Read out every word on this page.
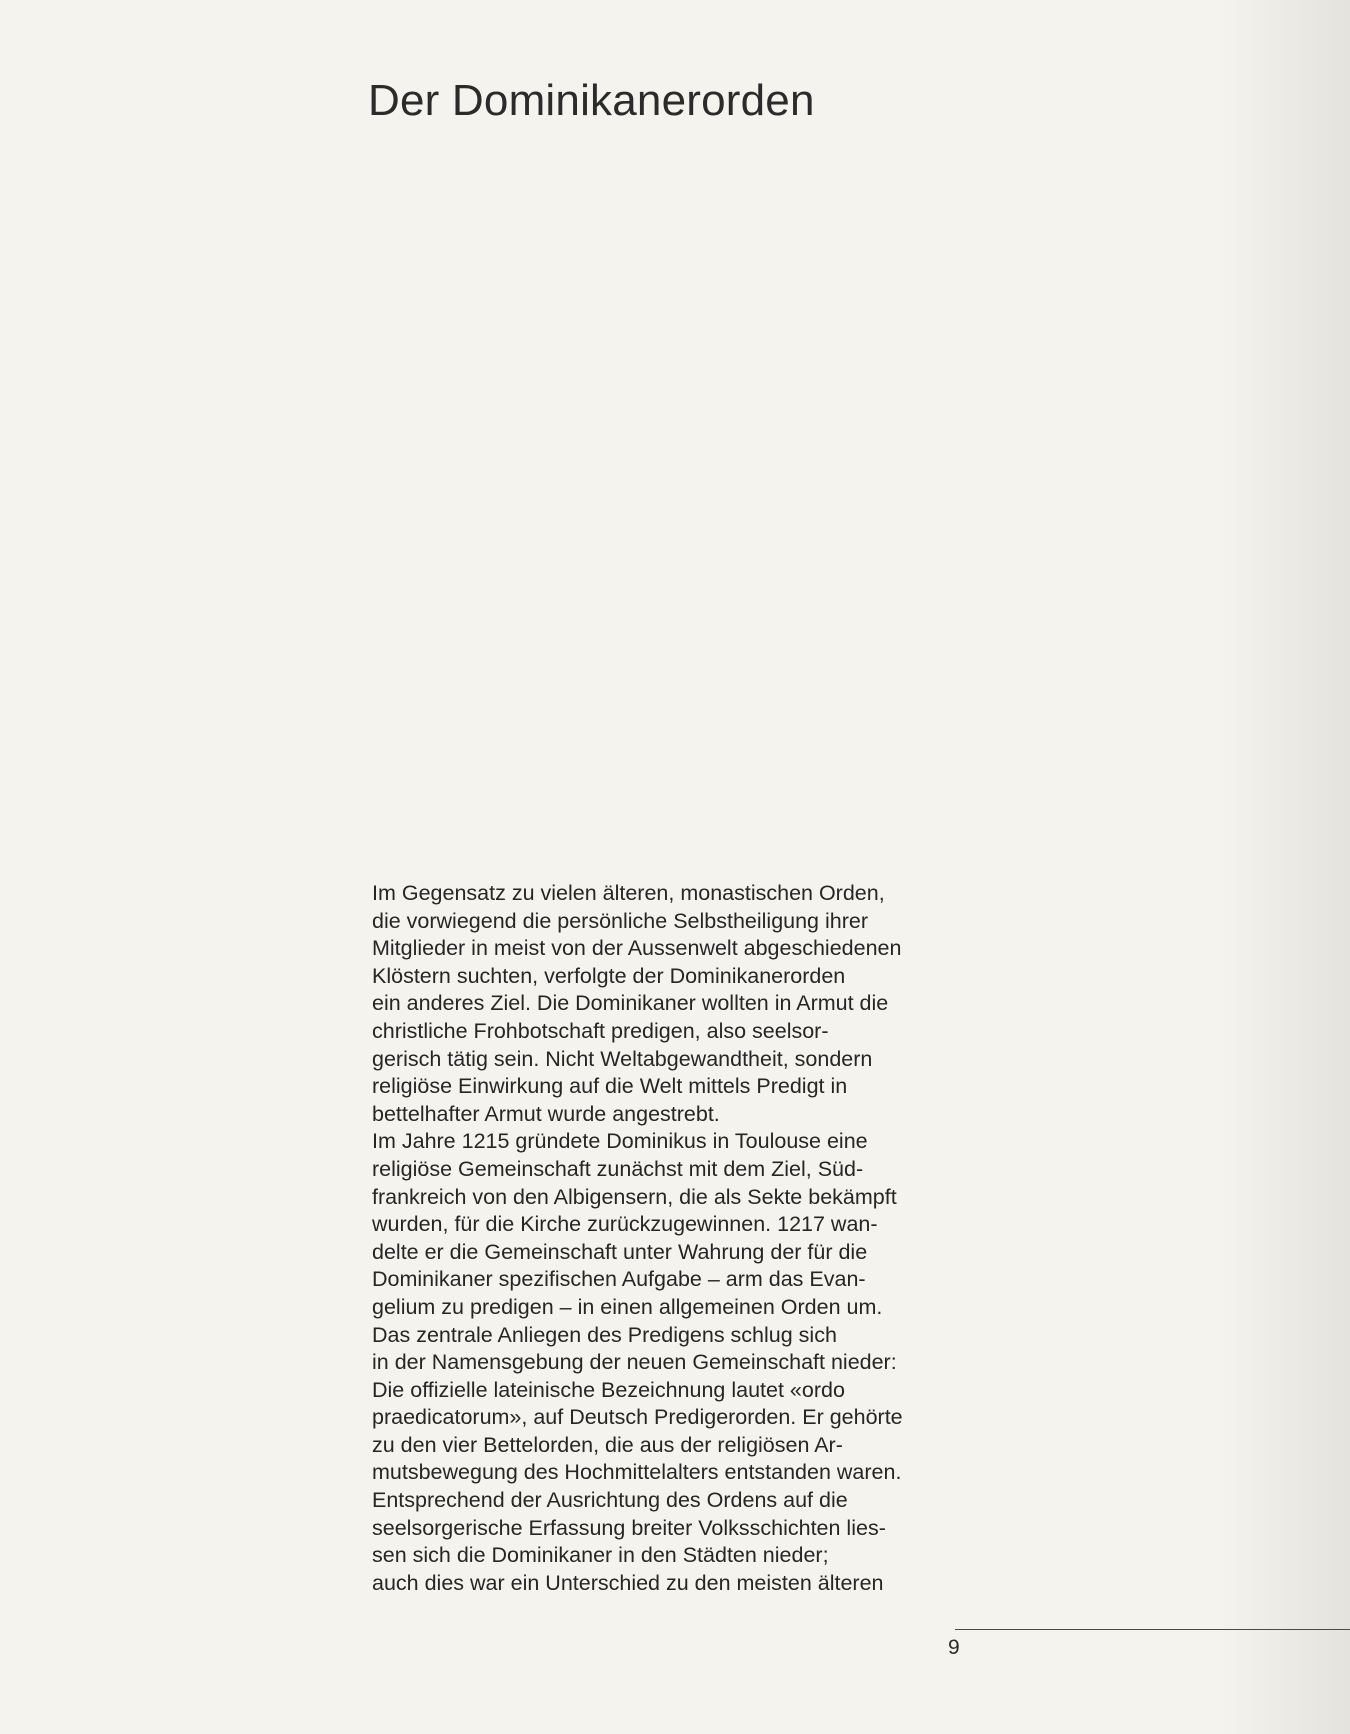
Der Dominikanerorden
Im Gegensatz zu vielen älteren, monastischen Orden,
die vorwiegend die persönliche Selbstheiligung ihrer
Mitglieder in meist von der Aussenwelt abgeschiedenen
Klöstern suchten, verfolgte der Dominikanerorden
ein anderes Ziel. Die Dominikaner wollten in Armut die
christliche Frohbotschaft predigen, also seelsor-
gerisch tätig sein. Nicht Weltabgewandtheit, sondern
religiöse Einwirkung auf die Welt mittels Predigt in
bettelhafter Armut wurde angestrebt.
Im Jahre 1215 gründete Dominikus in Toulouse eine
religiöse Gemeinschaft zunächst mit dem Ziel, Süd-
frankreich von den Albigensern, die als Sekte bekämpft
wurden, für die Kirche zurückzugewinnen. 1217 wan-
delte er die Gemeinschaft unter Wahrung der für die
Dominikaner spezifischen Aufgabe – arm das Evan-
gelium zu predigen – in einen allgemeinen Orden um.
Das zentrale Anliegen des Predigens schlug sich
in der Namensgebung der neuen Gemeinschaft nieder:
Die offizielle lateinische Bezeichnung lautet «ordo
praedicatorum», auf Deutsch Predigerorden. Er gehörte
zu den vier Bettelorden, die aus der religiösen Ar-
mutsbewegung des Hochmittelalters entstanden waren.
Entsprechend der Ausrichtung des Ordens auf die
seelsorgerische Erfassung breiter Volksschichten lies-
sen sich die Dominikaner in den Städten nieder;
auch dies war ein Unterschied zu den meisten älteren
9
